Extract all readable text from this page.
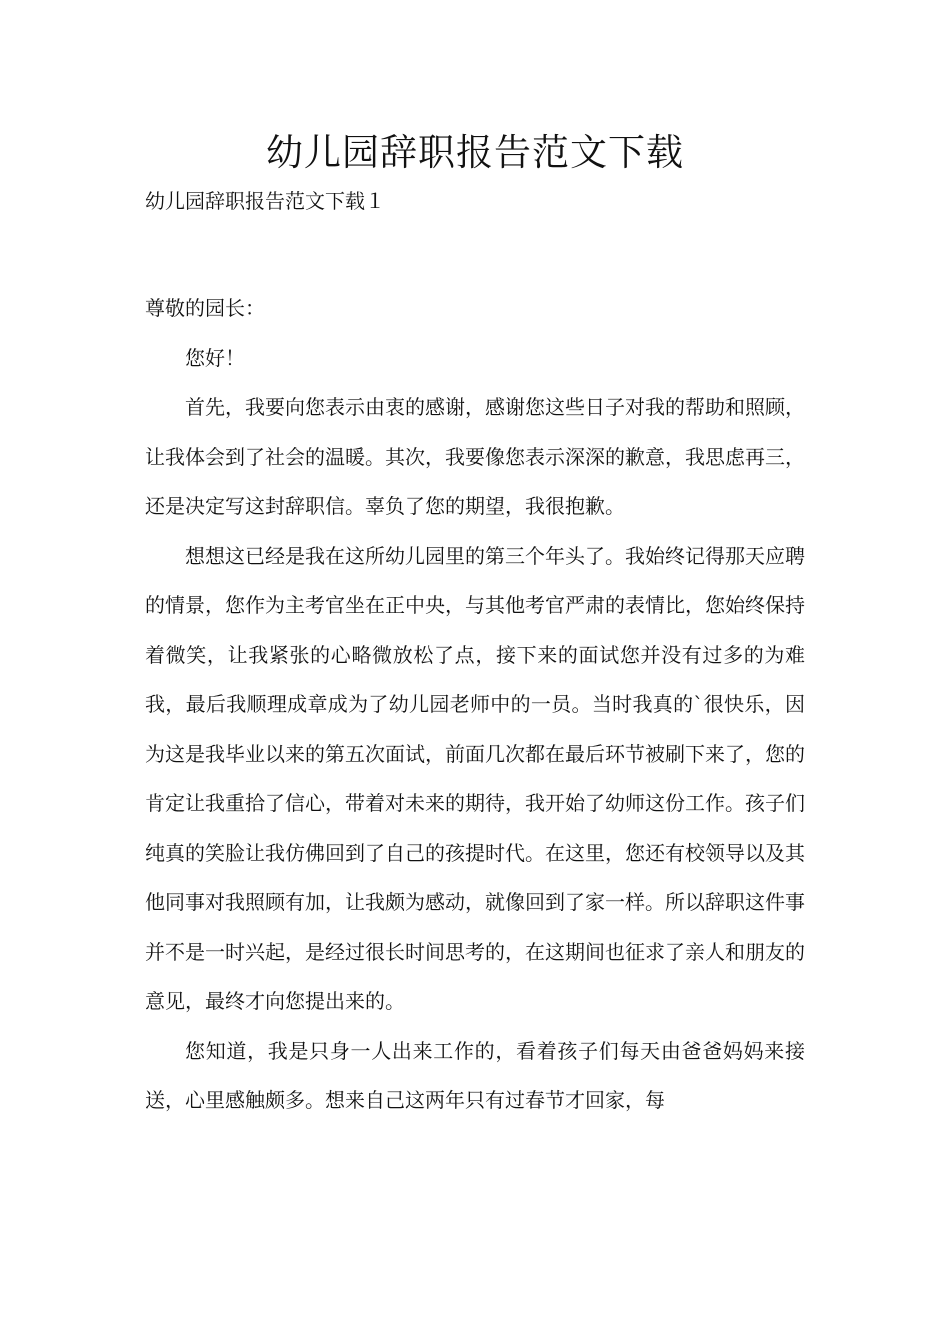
幼儿园辞职报告范文下载
幼儿园辞职报告范文下载１

尊敬的园长：

您好！

首先，我要向您表示由衷的感谢，感谢您这些日子对我的帮助和照顾，让我体会到了社会的温暖。其次，我要像您表示深深的歉意，我思虑再三，还是决定写这封辞职信。辜负了您的期望，我很抱歉。

想想这已经是我在这所幼儿园里的第三个年头了。我始终记得那天应聘的情景，您作为主考官坐在正中央，与其他考官严肃的表情比，您始终保持着微笑，让我紧张的心略微放松了点，接下来的面试您并没有过多的为难我，最后我顺理成章成为了幼儿园老师中的一员。当时我真的`很快乐，因为这是我毕业以来的第五次面试，前面几次都在最后环节被刷下来了，您的肯定让我重拾了信心，带着对未来的期待，我开始了幼师这份工作。孩子们纯真的笑脸让我仿佛回到了自己的孩提时代。在这里，您还有校领导以及其他同事对我照顾有加，让我颇为感动，就像回到了家一样。所以辞职这件事并不是一时兴起，是经过很长时间思考的，在这期间也征求了亲人和朋友的意见，最终才向您提出来的。

您知道，我是只身一人出来工作的，看着孩子们每天由爸爸妈妈来接送，心里感触颇多。想来自己这两年只有过春节才回家，每
